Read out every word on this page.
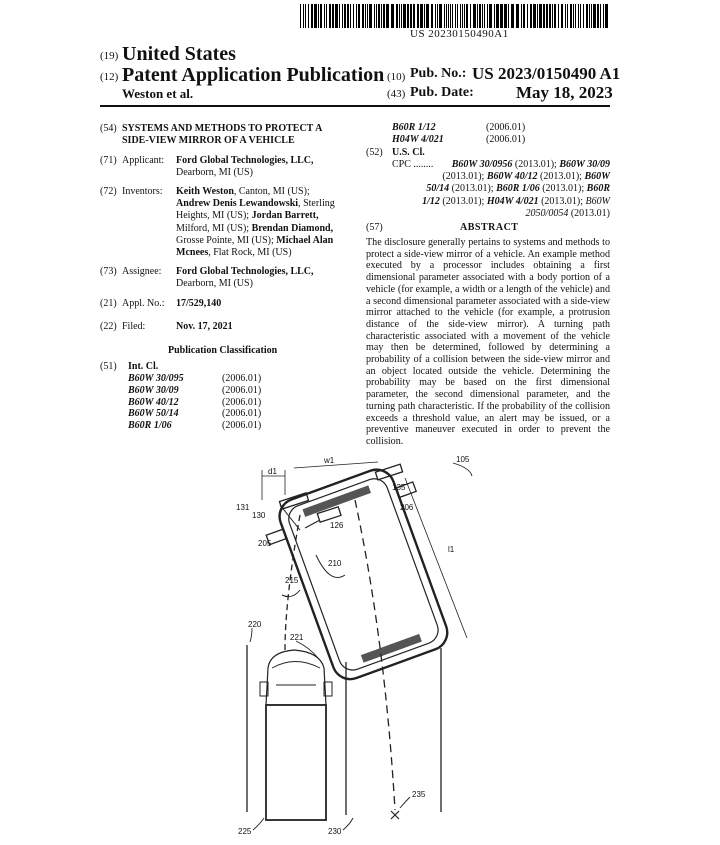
US 20230150490A1
(19) United States
(12) Patent Application Publication
Weston et al.
(10) Pub. No.: US 2023/0150490 A1
(43) Pub. Date: May 18, 2023
(54) SYSTEMS AND METHODS TO PROTECT A
SIDE-VIEW MIRROR OF A VEHICLE
(71) Applicant: Ford Global Technologies, LLC,
Dearborn, MI (US)
(72) Inventors: Keith Weston, Canton, MI (US);
Andrew Denis Lewandowski, Sterling
Heights, MI (US); Jordan Barrett,
Milford, MI (US); Brendan Diamond,
Grosse Pointe, MI (US); Michael Alan
Mcnees, Flat Rock, MI (US)
(73) Assignee: Ford Global Technologies, LLC,
Dearborn, MI (US)
(21) Appl. No.: 17/529,140
(22) Filed:	Nov. 17, 2021
Publication Classification
(51) Int. Cl.
B60W 30/095	(2006.01)
B60W 30/09	(2006.01)
B60W 40/12	(2006.01)
B60W 50/14	(2006.01)
B60R 1/06	(2006.01)
B60R 1/12	(2006.01)
H04W 4/021	(2006.01)
(52) U.S. Cl.
CPC ........	B60W 30/0956 (2013.01); B60W 30/09
(2013.01); B60W 40/12 (2013.01); B60W
50/14 (2013.01); B60R 1/06 (2013.01); B60R
1/12 (2013.01); H04W 4/021 (2013.01); B60W
2050/0054 (2013.01)
(57)	ABSTRACT
The disclosure generally pertains to systems and methods to protect a side-view mirror of a vehicle. An example method executed by a processor includes obtaining a first dimensional parameter associated with a body portion of a vehicle (for example, a width or a length of the vehicle) and a second dimensional parameter associated with a side-view mirror attached to the vehicle (for example, a protrusion distance of the side-view mirror). A turning path characteristic associated with a movement of the vehicle may then be determined, followed by determining a probability of a collision between the side-view mirror and an object located outside the vehicle. Determining the probability may be based on the first dimensional parameter, the second dimensional parameter, and the turning path characteristic. If the probability of the collision exceeds a threshold value, an alert may be issued, or a preventive maneuver executed in order to prevent the collision.
105
131
130
135
126
206
205
210
215
220
221
225	230
235
d1
w1
l1
